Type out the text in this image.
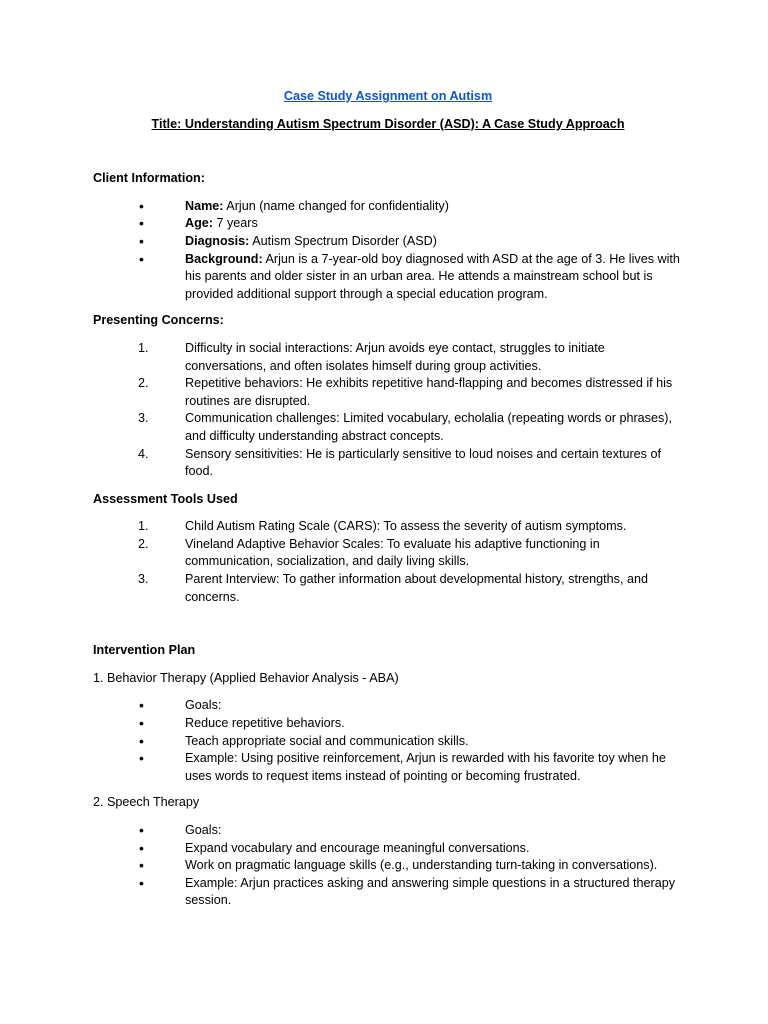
Case Study Assignment on Autism

Title: Understanding Autism Spectrum Disorder (ASD): A Case Study Approach

Client Information:

•	Name: Arjun (name changed for confidentiality)
•	Age: 7 years
•	Diagnosis: Autism Spectrum Disorder (ASD)
•	Background: Arjun is a 7-year-old boy diagnosed with ASD at the age of 3. He lives with his parents and older sister in an urban area. He attends a mainstream school but is provided additional support through a special education program.

Presenting Concerns:

1.	Difficulty in social interactions: Arjun avoids eye contact, struggles to initiate conversations, and often isolates himself during group activities.
2.	Repetitive behaviors: He exhibits repetitive hand-flapping and becomes distressed if his routines are disrupted.
3.	Communication challenges: Limited vocabulary, echolalia (repeating words or phrases), and difficulty understanding abstract concepts.
4.	Sensory sensitivities: He is particularly sensitive to loud noises and certain textures of food.

Assessment Tools Used

1.	Child Autism Rating Scale (CARS): To assess the severity of autism symptoms.
2.	Vineland Adaptive Behavior Scales: To evaluate his adaptive functioning in communication, socialization, and daily living skills.
3.	Parent Interview: To gather information about developmental history, strengths, and concerns.

Intervention Plan

1. Behavior Therapy (Applied Behavior Analysis - ABA)

•	Goals:
•	Reduce repetitive behaviors.
•	Teach appropriate social and communication skills.
•	Example: Using positive reinforcement, Arjun is rewarded with his favorite toy when he uses words to request items instead of pointing or becoming frustrated.

2. Speech Therapy

•	Goals:
•	Expand vocabulary and encourage meaningful conversations.
•	Work on pragmatic language skills (e.g., understanding turn-taking in conversations).
•	Example: Arjun practices asking and answering simple questions in a structured therapy session.
